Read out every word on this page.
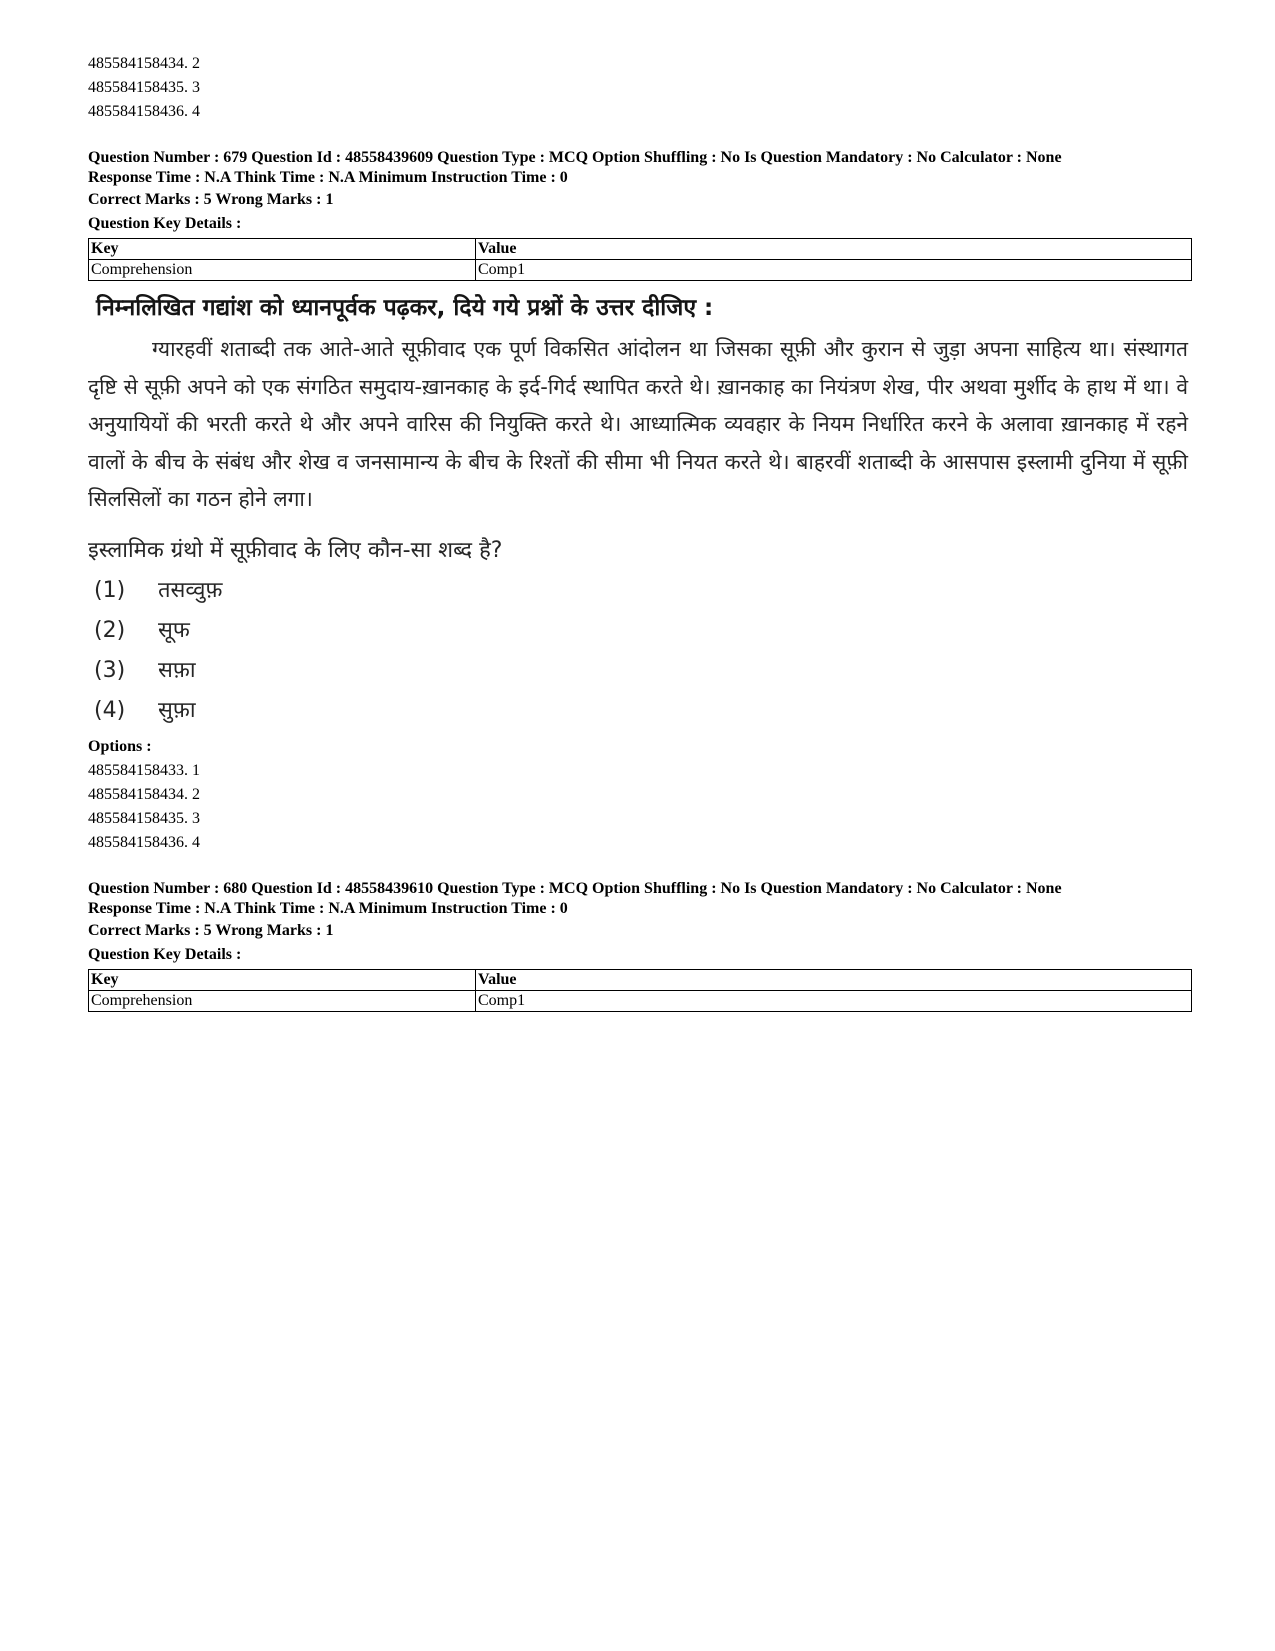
485584158434. 2
485584158435. 3
485584158436. 4
Question Number : 679 Question Id : 48558439609 Question Type : MCQ Option Shuffling : No Is Question Mandatory : No Calculator : None
Response Time : N.A Think Time : N.A Minimum Instruction Time : 0
Correct Marks : 5 Wrong Marks : 1
Question Key Details :
Key	Value
Comprehension	Comp1
निम्नलिखित गद्यांश को ध्यानपूर्वक पढ़कर, दिये गये प्रश्नों के उत्तर दीजिए :
ग्यारहवीं शताब्दी तक आते-आते सूफ़ीवाद एक पूर्ण विकसित आंदोलन था जिसका सूफ़ी और कुरान से जुड़ा अपना साहित्य था। संस्थागत दृष्टि से सूफ़ी अपने को एक संगठित समुदाय-ख़ानकाह के इर्द-गिर्द स्थापित करते थे। ख़ानकाह का नियंत्रण शेख, पीर अथवा मुर्शीद के हाथ में था। वे अनुयायियों की भरती करते थे और अपने वारिस की नियुक्ति करते थे। आध्यात्मिक व्यवहार के नियम निर्धारित करने के अलावा ख़ानकाह में रहने वालों के बीच के संबंध और शेख व जनसामान्य के बीच के रिश्तों की सीमा भी नियत करते थे। बाहरवीं शताब्दी के आसपास इस्लामी दुनिया में सूफ़ी सिलसिलों का गठन होने लगा।
इस्लामिक ग्रंथो में सूफ़ीवाद के लिए कौन-सा शब्द है?
(1)	तसव्वुफ़
(2)	सूफ
(3)	सफ़ा
(4)	सुफ़ा
Options :
485584158433. 1
485584158434. 2
485584158435. 3
485584158436. 4
Question Number : 680 Question Id : 48558439610 Question Type : MCQ Option Shuffling : No Is Question Mandatory : No Calculator : None
Response Time : N.A Think Time : N.A Minimum Instruction Time : 0
Correct Marks : 5 Wrong Marks : 1
Question Key Details :
Key	Value
Comprehension	Comp1
